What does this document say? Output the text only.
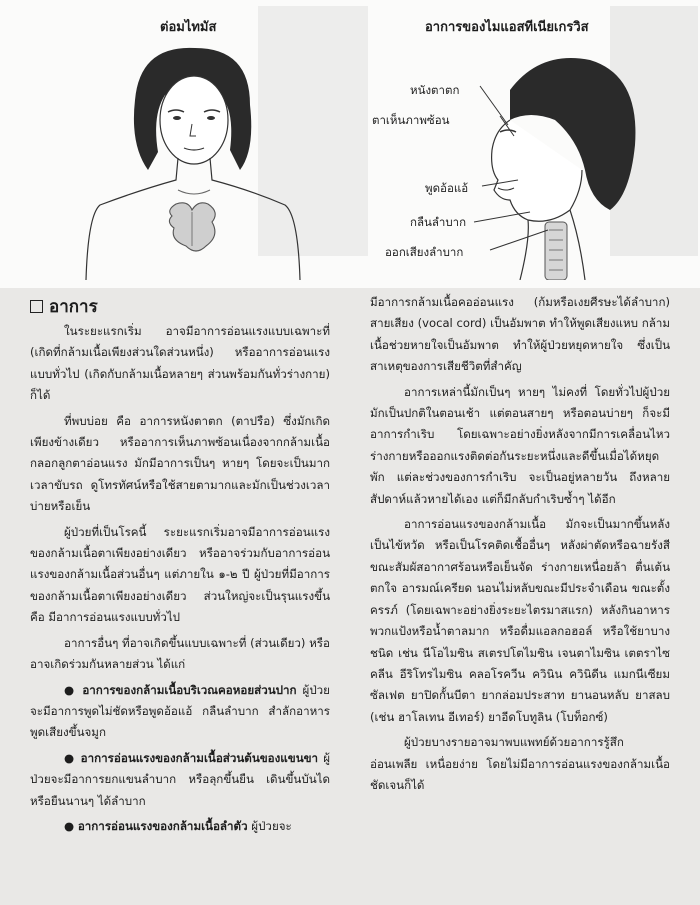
ต่อมไทมัส	อาการของไมแอสทีเนียเกรวิส
หนังตาตก
ตาเห็นภาพซ้อน
พูดอ้อแอ้
กลืนลำบาก
ออกเสียงลำบาก
อาการ

ในระยะแรกเริ่ม อาจมีอาการอ่อนแรงแบบเฉพาะที่ (เกิดที่กล้ามเนื้อเพียงส่วนใดส่วนหนึ่ง) หรืออาการอ่อนแรงแบบทั่วไป (เกิดกับกล้ามเนื้อหลายๆ ส่วนพร้อมกันทั่วร่างกาย) ก็ได้

ที่พบบ่อย คือ อาการหนังตาตก (ตาปรือ) ซึ่งมักเกิดเพียงข้างเดียว หรืออาการเห็นภาพซ้อนเนื่องจากกล้ามเนื้อกลอกลูกตาอ่อนแรง มักมีอาการเป็นๆ หายๆ โดยจะเป็นมากเวลาขับรถ ดูโทรทัศน์หรือใช้สายตามากและมักเป็นช่วงเวลาบ่ายหรือเย็น

ผู้ป่วยที่เป็นโรคนี้ ระยะแรกเริ่มอาจมีอาการอ่อนแรงของกล้ามเนื้อตาเพียงอย่างเดียว หรืออาจร่วมกับอาการอ่อนแรงของกล้ามเนื้อส่วนอื่นๆ แต่ภายใน ๑-๒ ปี ผู้ป่วยที่มีอาการของกล้ามเนื้อตาเพียงอย่างเดียว ส่วนใหญ่จะเป็นรุนแรงขึ้น คือ มีอาการอ่อนแรงแบบทั่วไป

อาการอื่นๆ ที่อาจเกิดขึ้นแบบเฉพาะที่ (ส่วนเดียว) หรืออาจเกิดร่วมกันหลายส่วน ได้แก่

● อาการของกล้ามเนื้อบริเวณคอหอยส่วนปาก ผู้ป่วยจะมีอาการพูดไม่ชัดหรือพูดอ้อแอ้ กลืนลำบาก สำลักอาหาร พูดเสียงขึ้นจมูก

● อาการอ่อนแรงของกล้ามเนื้อส่วนต้นของแขนขา ผู้ป่วยจะมีอาการยกแขนลำบาก หรือลุกขึ้นยืน เดินขึ้นบันได หรือยืนนานๆ ได้ลำบาก

● อาการอ่อนแรงของกล้ามเนื้อลำตัว ผู้ป่วยจะ

มีอาการกล้ามเนื้อคออ่อนแรง (ก้มหรือเงยศีรษะได้ลำบาก) สายเสียง (vocal cord) เป็นอัมพาต ทำให้พูดเสียงแหบ กล้ามเนื้อช่วยหายใจเป็นอัมพาต ทำให้ผู้ป่วยหยุดหายใจ ซึ่งเป็นสาเหตุของการเสียชีวิตที่สำคัญ

อาการเหล่านี้มักเป็นๆ หายๆ ไม่คงที่ โดยทั่วไปผู้ป่วยมักเป็นปกติในตอนเช้า แต่ตอนสายๆ หรือตอนบ่ายๆ ก็จะมีอาการกำเริบ โดยเฉพาะอย่างยิ่งหลังจากมีการเคลื่อนไหวร่างกายหรือออกแรงติดต่อกันระยะหนึ่งและดีขึ้นเมื่อได้หยุดพัก แต่ละช่วงของการกำเริบ จะเป็นอยู่หลายวัน ถึงหลายสัปดาห์แล้วหายได้เอง แต่ก็มีกลับกำเริบซ้ำๆ ได้อีก

อาการอ่อนแรงของกล้ามเนื้อ มักจะเป็นมากขึ้นหลังเป็นไข้หวัด หรือเป็นโรคติดเชื้ออื่นๆ หลังผ่าตัดหรือฉายรังสี ขณะสัมผัสอากาศร้อนหรือเย็นจัด ร่างกายเหนื่อยล้า ตื่นเต้นตกใจ อารมณ์เครียด นอนไม่หลับขณะมีประจำเดือน ขณะตั้งครรภ์ (โดยเฉพาะอย่างยิ่งระยะไตรมาสแรก) หลังกินอาหารพวกแป้งหรือน้ำตาลมาก หรือดื่มแอลกอฮอล์ หรือใช้ยาบางชนิด เช่น นีโอไมซิน สเตรปโตไมซิน เจนตาไมซิน เตตราไซคลีน อีริโทรไมซิน คลอโรควีน ควินิน ควินิดีน แมกนีเซียมซัลเฟต ยาปิดกั้นบีตา ยากล่อมประสาท ยานอนหลับ ยาสลบ (เช่น ฮาโลเทน อีเทอร์) ยาอีดโบทูลิน (โบท็อกซ์)

ผู้ป่วยบางรายอาจมาพบแพทย์ด้วยอาการรู้สึกอ่อนเพลีย เหนื่อยง่าย โดยไม่มีอาการอ่อนแรงของกล้ามเนื้อชัดเจนก็ได้
